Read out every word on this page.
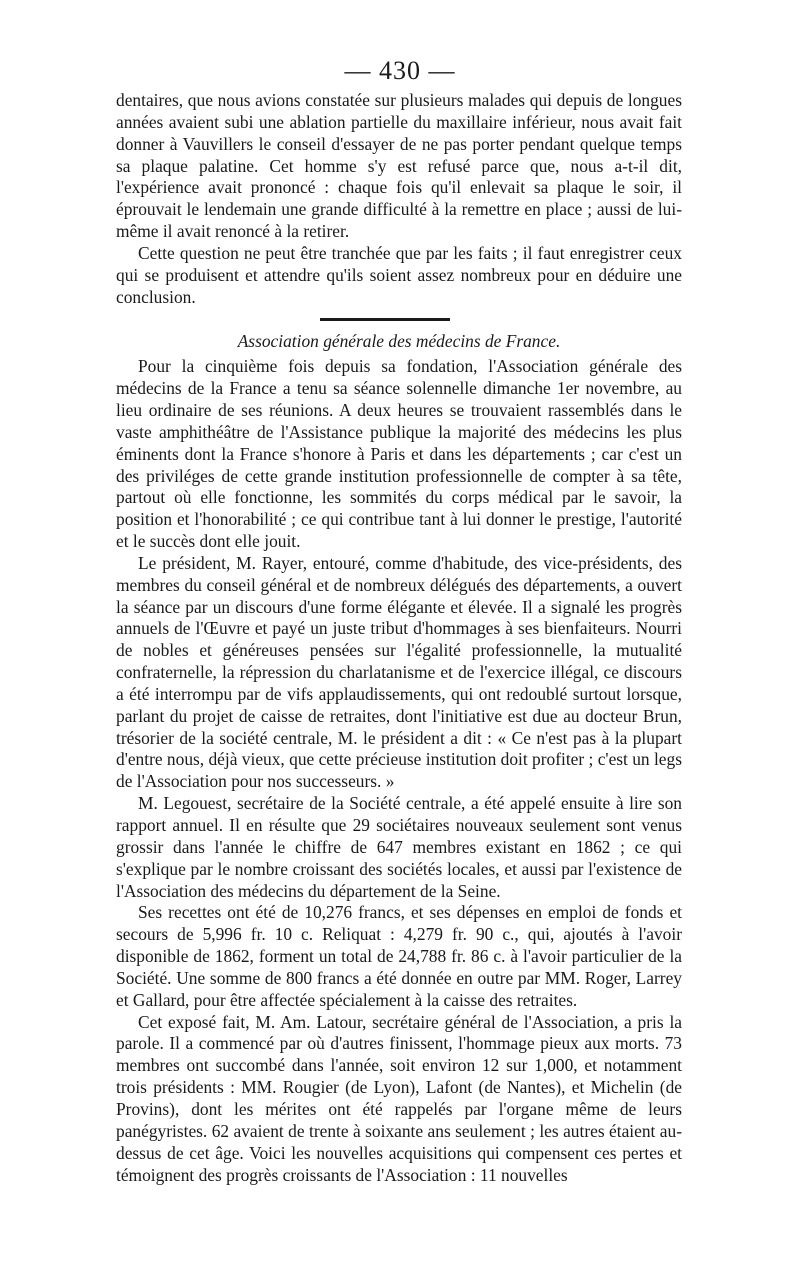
— 430 —

dentaires, que nous avions constatée sur plusieurs malades qui depuis de longues années avaient subi une ablation partielle du maxillaire inférieur, nous avait fait donner à Vauvillers le conseil d'essayer de ne pas porter pendant quelque temps sa plaque palatine. Cet homme s'y est refusé parce que, nous a-t-il dit, l'expérience avait prononcé : chaque fois qu'il enlevait sa plaque le soir, il éprouvait le lendemain une grande difficulté à la remettre en place ; aussi de lui-même il avait renoncé à la retirer.

Cette question ne peut être tranchée que par les faits ; il faut enregistrer ceux qui se produisent et attendre qu'ils soient assez nombreux pour en déduire une conclusion.

Association générale des médecins de France.

Pour la cinquième fois depuis sa fondation, l'Association générale des médecins de la France a tenu sa séance solennelle dimanche 1er novembre, au lieu ordinaire de ses réunions. A deux heures se trouvaient rassemblés dans le vaste amphithéâtre de l'Assistance publique la majorité des médecins les plus éminents dont la France s'honore à Paris et dans les départements ; car c'est un des priviléges de cette grande institution professionnelle de compter à sa tête, partout où elle fonctionne, les sommités du corps médical par le savoir, la position et l'honorabilité ; ce qui contribue tant à lui donner le prestige, l'autorité et le succès dont elle jouit.

Le président, M. Rayer, entouré, comme d'habitude, des vice-présidents, des membres du conseil général et de nombreux délégués des départements, a ouvert la séance par un discours d'une forme élégante et élevée. Il a signalé les progrès annuels de l'Œuvre et payé un juste tribut d'hommages à ses bienfaiteurs. Nourri de nobles et généreuses pensées sur l'égalité professionnelle, la mutualité confraternelle, la répression du charlatanisme et de l'exercice illégal, ce discours a été interrompu par de vifs applaudissements, qui ont redoublé surtout lorsque, parlant du projet de caisse de retraites, dont l'initiative est due au docteur Brun, trésorier de la société centrale, M. le président a dit : « Ce n'est pas à la plupart d'entre nous, déjà vieux, que cette précieuse institution doit profiter ; c'est un legs de l'Association pour nos successeurs. »

M. Legouest, secrétaire de la Société centrale, a été appelé ensuite à lire son rapport annuel. Il en résulte que 29 sociétaires nouveaux seulement sont venus grossir dans l'année le chiffre de 647 membres existant en 1862 ; ce qui s'explique par le nombre croissant des sociétés locales, et aussi par l'existence de l'Association des médecins du département de la Seine.

Ses recettes ont été de 10,276 francs, et ses dépenses en emploi de fonds et secours de 5,996 fr. 10 c. Reliquat : 4,279 fr. 90 c., qui, ajoutés à l'avoir disponible de 1862, forment un total de 24,788 fr. 86 c. à l'avoir particulier de la Société. Une somme de 800 francs a été donnée en outre par MM. Roger, Larrey et Gallard, pour être affectée spécialement à la caisse des retraites.

Cet exposé fait, M. Am. Latour, secrétaire général de l'Association, a pris la parole. Il a commencé par où d'autres finissent, l'hommage pieux aux morts. 73 membres ont succombé dans l'année, soit environ 12 sur 1,000, et notamment trois présidents : MM. Rougier (de Lyon), Lafont (de Nantes), et Michelin (de Provins), dont les mérites ont été rappelés par l'organe même de leurs panégyristes. 62 avaient de trente à soixante ans seulement ; les autres étaient au-dessus de cet âge. Voici les nouvelles acquisitions qui compensent ces pertes et témoignent des progrès croissants de l'Association : 11 nouvelles
